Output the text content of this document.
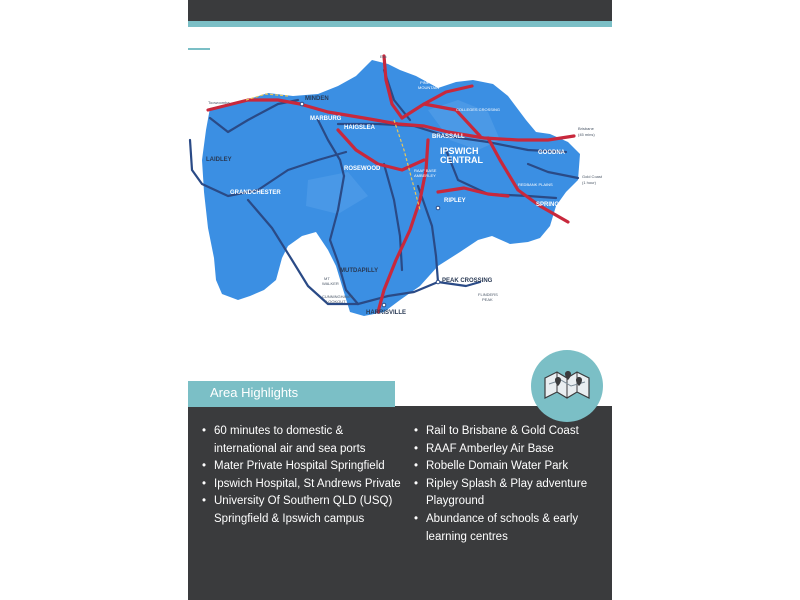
Esk
Toowoomba
MINDEN
MARBURG
HAIGSLEA
BRASSALL
IPSWICH
CENTRAL
GOODNA
Brisbane
(45 mins)
Gold Coast
(1 hour)
LAIDLEY
ROSEWOOD
GRANDCHESTER
RIPLEY
SPRINGFIELD
MUTDAPILLY
PEAK CROSSING
HARRISVILLE
COLLEGES CROSSING
PINE
MOUNTAIN
RAAF BASE
AMBERLEY
REDBANK PLAINS
MT
WALKER
CUNNINGHAM'S
LOOKOUT
FLINDERS
PEAK
Area Highlights
• 60 minutes to domestic & international air and sea ports
• Mater Private Hospital Springfield
• Ipswich Hospital, St Andrews Private
• University Of Southern QLD (USQ) Springfield & Ipswich campus
• Rail to Brisbane & Gold Coast
• RAAF Amberley Air Base
• Robelle Domain Water Park
• Ripley Splash & Play adventure Playground
• Abundance of schools & early learning centres
